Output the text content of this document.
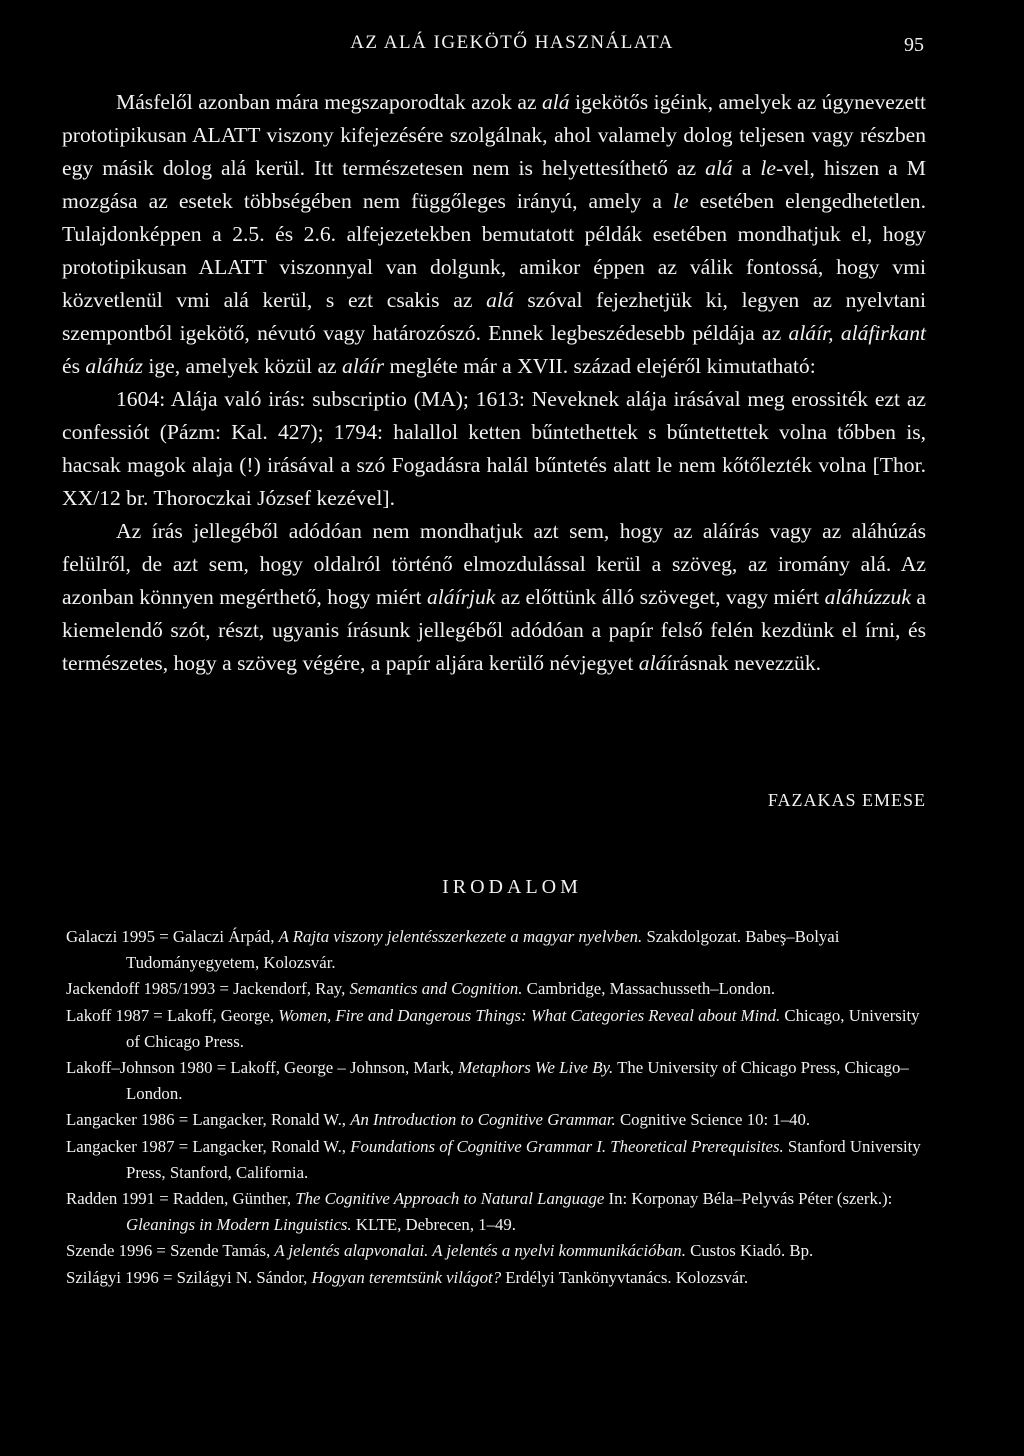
AZ ALÁ IGEKÖTŐ HASZNÁLATA	95

Másfelől azonban mára megszaporodtak azok az alá igekötős igéink, amelyek az úgynevezett prototipikusan ALATT viszony kifejezésére szolgálnak, ahol valamely dolog teljesen vagy részben egy másik dolog alá kerül. Itt természetesen nem is helyettesíthető az alá a le-vel, hiszen a M mozgása az esetek többségében nem függőleges irányú, amely a le esetében elengedhetetlen. Tulajdonképpen a 2.5. és 2.6. alfejezetekben bemutatott példák esetében mondhatjuk el, hogy prototipikusan ALATT viszonnyal van dolgunk, amikor éppen az válik fontossá, hogy vmi közvetlenül vmi alá kerül, s ezt csakis az alá szóval fejezhetjük ki, legyen az nyelvtani szempontból igekötő, névutó vagy határozószó. Ennek legbeszédesebb példája az aláír, aláfirkant és aláhúz ige, amelyek közül az aláír megléte már a XVII. század elejéről kimutatható:

1604: Alája való irás: subscriptio (MA); 1613: Neveknek alája irásával meg erossiték ezt az confessiót (Pázm: Kal. 427); 1794: halallol ketten bűntethettek s bűntettettek volna tőbben is, hacsak magok alaja (!) irásával a szó Fogadásra halál bűntetés alatt le nem kőtőlezték volna [Thor. XX/12 br. Thoroczkai József kezével].

Az írás jellegéből adódóan nem mondhatjuk azt sem, hogy az aláírás vagy az aláhúzás felülről, de azt sem, hogy oldalról történő elmozdulással kerül a szöveg, az iromány alá. Az azonban könnyen megérthető, hogy miért aláírjuk az előttünk álló szöveget, vagy miért aláhúzzuk a kiemelendő szót, részt, ugyanis írásunk jellegéből adódóan a papír felső felén kezdünk el írni, és természetes, hogy a szöveg végére, a papír aljára kerülő névjegyet aláírásnak nevezzük.

FAZAKAS EMESE
IRODALOM

Galaczi 1995 = Galaczi Árpád, A Rajta viszony jelentésszerkezete a magyar nyelvben. Szakdolgozat. Babeş–Bolyai Tudományegyetem, Kolozsvár.

Jackendoff 1985/1993 = Jackendorf, Ray, Semantics and Cognition. Cambridge, Massachusseth–London.

Lakoff 1987 = Lakoff, George, Women, Fire and Dangerous Things: What Categories Reveal about Mind. Chicago, University of Chicago Press.

Lakoff–Johnson 1980 = Lakoff, George – Johnson, Mark, Metaphors We Live By. The University of Chicago Press, Chicago–London.

Langacker 1986 = Langacker, Ronald W., An Introduction to Cognitive Grammar. Cognitive Science 10: 1–40.

Langacker 1987 = Langacker, Ronald W., Foundations of Cognitive Grammar I. Theoretical Prerequisites. Stanford University Press, Stanford, California.

Radden 1991 = Radden, Günther, The Cognitive Approach to Natural Language In: Korponay Béla–Pelyvás Péter (szerk.): Gleanings in Modern Linguistics. KLTE, Debrecen, 1–49.

Szende 1996 = Szende Tamás, A jelentés alapvonalai. A jelentés a nyelvi kommunikációban. Custos Kiadó. Bp.

Szilágyi 1996 = Szilágyi N. Sándor, Hogyan teremtsünk világot? Erdélyi Tankönyvtanács. Kolozsvár.
